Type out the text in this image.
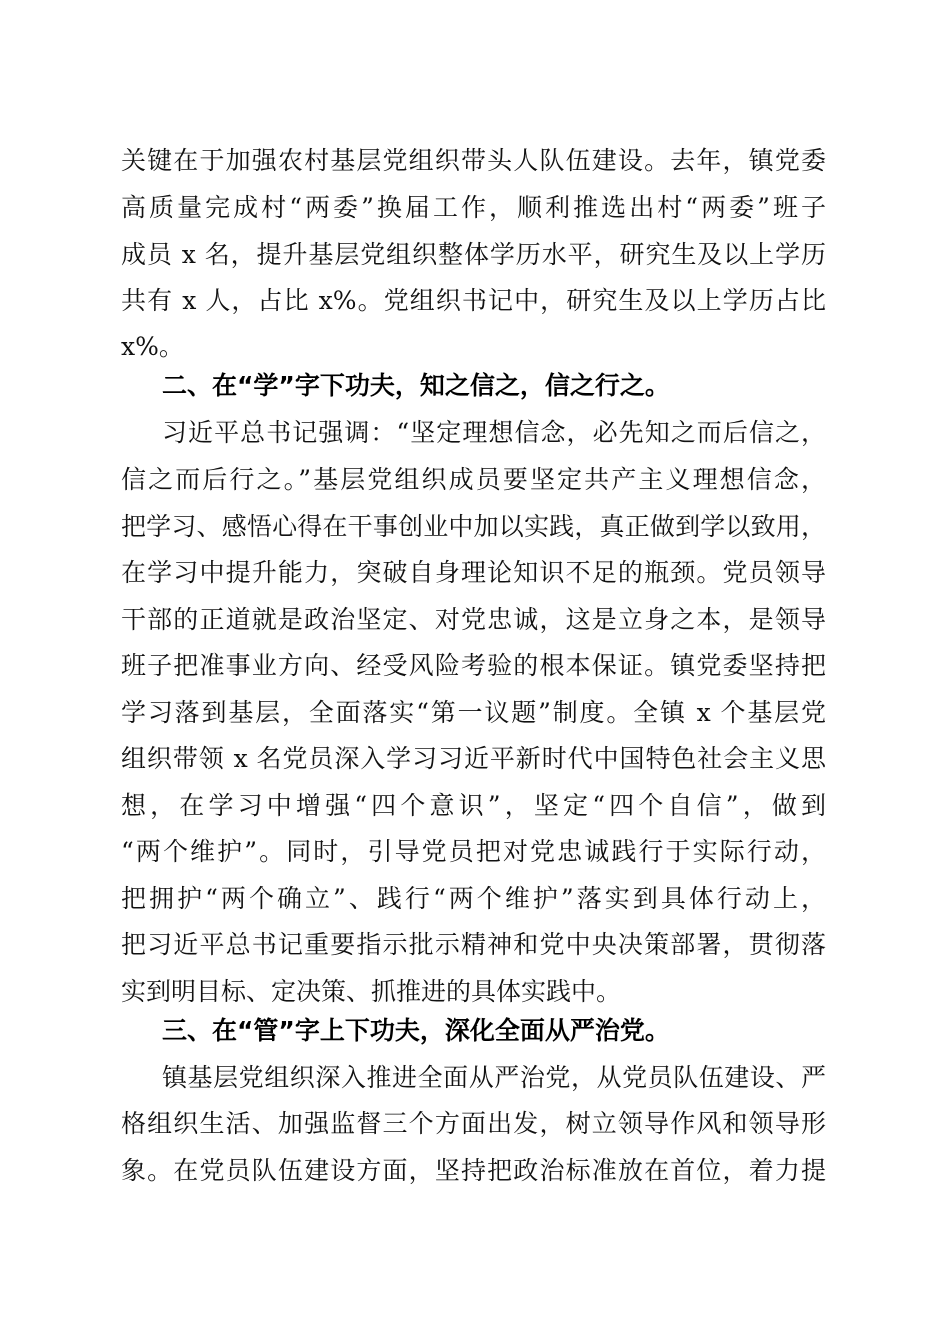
关键在于加强农村基层党组织带头人队伍建设。去年，镇党委

高质量完成村“两委”换届工作，顺利推选出村“两委”班子

成员 x 名，提升基层党组织整体学历水平，研究生及以上学历

共有 x 人，占比 x%。党组织书记中，研究生及以上学历占比

x%。

二、在“学”字下功夫，知之信之，信之行之。

习近平总书记强调：“坚定理想信念，必先知之而后信之，

信之而后行之。”基层党组织成员要坚定共产主义理想信念，

把学习、感悟心得在干事创业中加以实践，真正做到学以致用，

在学习中提升能力，突破自身理论知识不足的瓶颈。党员领导

干部的正道就是政治坚定、对党忠诚，这是立身之本，是领导

班子把准事业方向、经受风险考验的根本保证。镇党委坚持把

学习落到基层，全面落实“第一议题”制度。全镇 x 个基层党

组织带领 x 名党员深入学习习近平新时代中国特色社会主义思

想，在学习中增强“四个意识”，坚定“四个自信”，做到

“两个维护”。同时，引导党员把对党忠诚践行于实际行动，

把拥护“两个确立”、践行“两个维护”落实到具体行动上，

把习近平总书记重要指示批示精神和党中央决策部署，贯彻落

实到明目标、定决策、抓推进的具体实践中。

三、在“管”字上下功夫，深化全面从严治党。

镇基层党组织深入推进全面从严治党，从党员队伍建设、严

格组织生活、加强监督三个方面出发，树立领导作风和领导形

象。在党员队伍建设方面，坚持把政治标准放在首位，着力提
